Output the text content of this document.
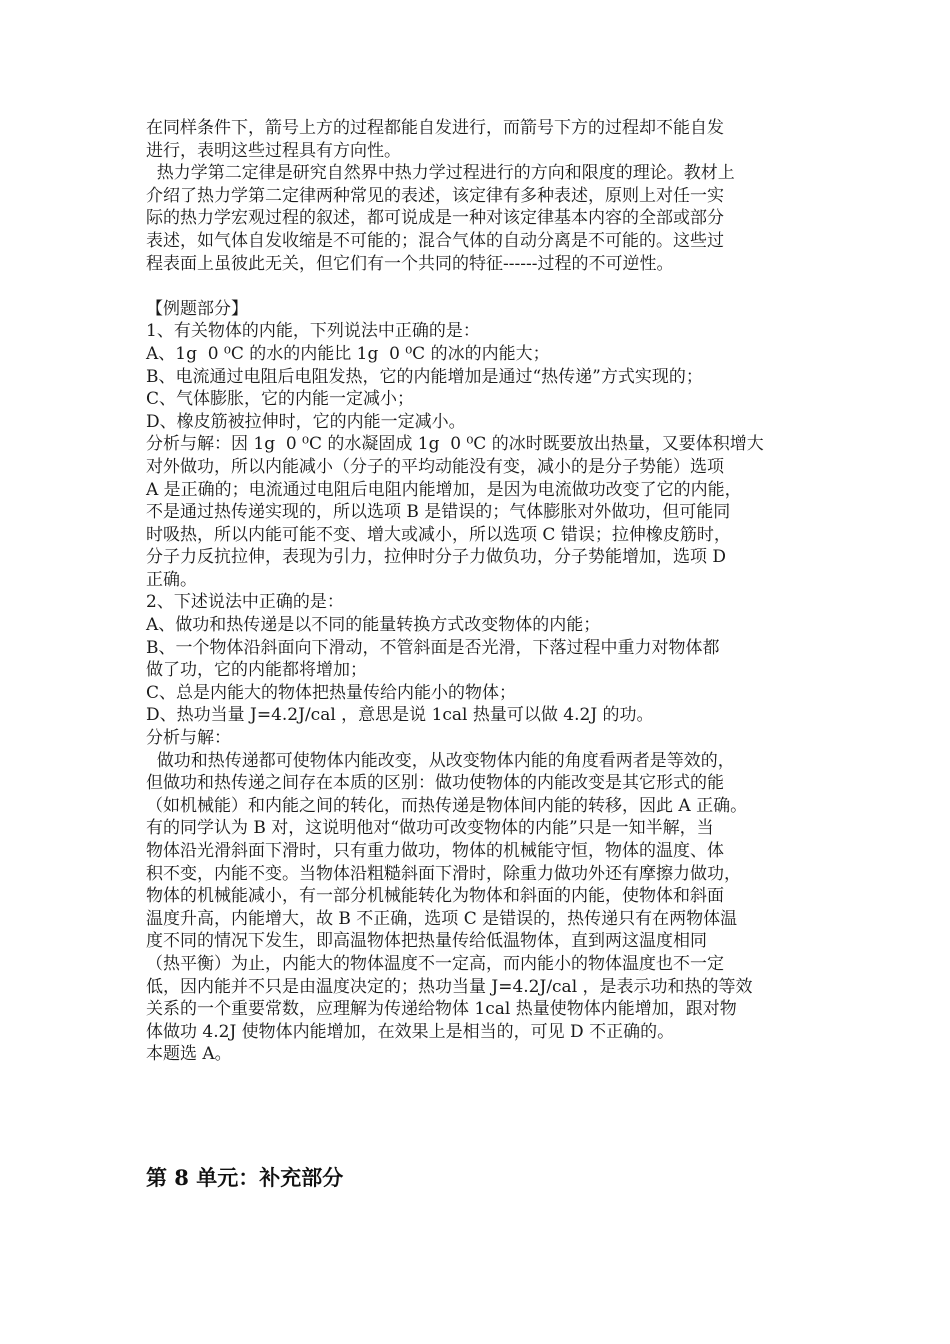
在同样条件下，箭号上方的过程都能自发进行，而箭号下方的过程却不能自发
进行，表明这些过程具有方向性。
热力学第二定律是研究自然界中热力学过程进行的方向和限度的理论。教材上
介绍了热力学第二定律两种常见的表述，该定律有多种表述，原则上对任一实
际的热力学宏观过程的叙述，都可说成是一种对该定律基本内容的全部或部分
表述，如气体自发收缩是不可能的；混合气体的自动分离是不可能的。这些过
程表面上虽彼此无关，但它们有一个共同的特征------过程的不可逆性。
【例题部分】
1、有关物体的内能，下列说法中正确的是：
A、1g  0 ⁰C 的水的内能比 1g  0 ⁰C 的冰的内能大；
B、电流通过电阻后电阻发热，它的内能增加是通过“热传递”方式实现的；
C、气体膨胀，它的内能一定减小；
D、橡皮筋被拉伸时，它的内能一定减小。
分析与解：因 1g  0 ⁰C 的水凝固成 1g  0 ⁰C 的冰时既要放出热量，又要体积增大
对外做功，所以内能减小（分子的平均动能没有变，减小的是分子势能）选项
A 是正确的；电流通过电阻后电阻内能增加，是因为电流做功改变了它的内能，
不是通过热传递实现的，所以选项 B 是错误的；气体膨胀对外做功，但可能同
时吸热，所以内能可能不变、增大或减小，所以选项 C 错误；拉伸橡皮筋时，
分子力反抗拉伸，表现为引力，拉伸时分子力做负功，分子势能增加，选项 D
正确。
2、下述说法中正确的是：
A、做功和热传递是以不同的能量转换方式改变物体的内能；
B、一个物体沿斜面向下滑动，不管斜面是否光滑，下落过程中重力对物体都
做了功，它的内能都将增加；
C、总是内能大的物体把热量传给内能小的物体；
D、热功当量 J=4.2J/cal ，意思是说 1cal 热量可以做 4.2J 的功。
分析与解：
做功和热传递都可使物体内能改变，从改变物体内能的角度看两者是等效的，
但做功和热传递之间存在本质的区别：做功使物体的内能改变是其它形式的能
（如机械能）和内能之间的转化，而热传递是物体间内能的转移，因此 A 正确。
有的同学认为 B 对，这说明他对“做功可改变物体的内能”只是一知半解，当
物体沿光滑斜面下滑时，只有重力做功，物体的机械能守恒，物体的温度、体
积不变，内能不变。当物体沿粗糙斜面下滑时，除重力做功外还有摩擦力做功，
物体的机械能减小，有一部分机械能转化为物体和斜面的内能，使物体和斜面
温度升高，内能增大，故 B 不正确，选项 C 是错误的，热传递只有在两物体温
度不同的情况下发生，即高温物体把热量传给低温物体，直到两这温度相同
（热平衡）为止，内能大的物体温度不一定高，而内能小的物体温度也不一定
低，因内能并不只是由温度决定的；热功当量 J=4.2J/cal ，是表示功和热的等效
关系的一个重要常数，应理解为传递给物体 1cal 热量使物体内能增加，跟对物
体做功 4.2J 使物体内能增加，在效果上是相当的，可见 D 不正确的。
本题选 A。
第 8 单元：补充部分
